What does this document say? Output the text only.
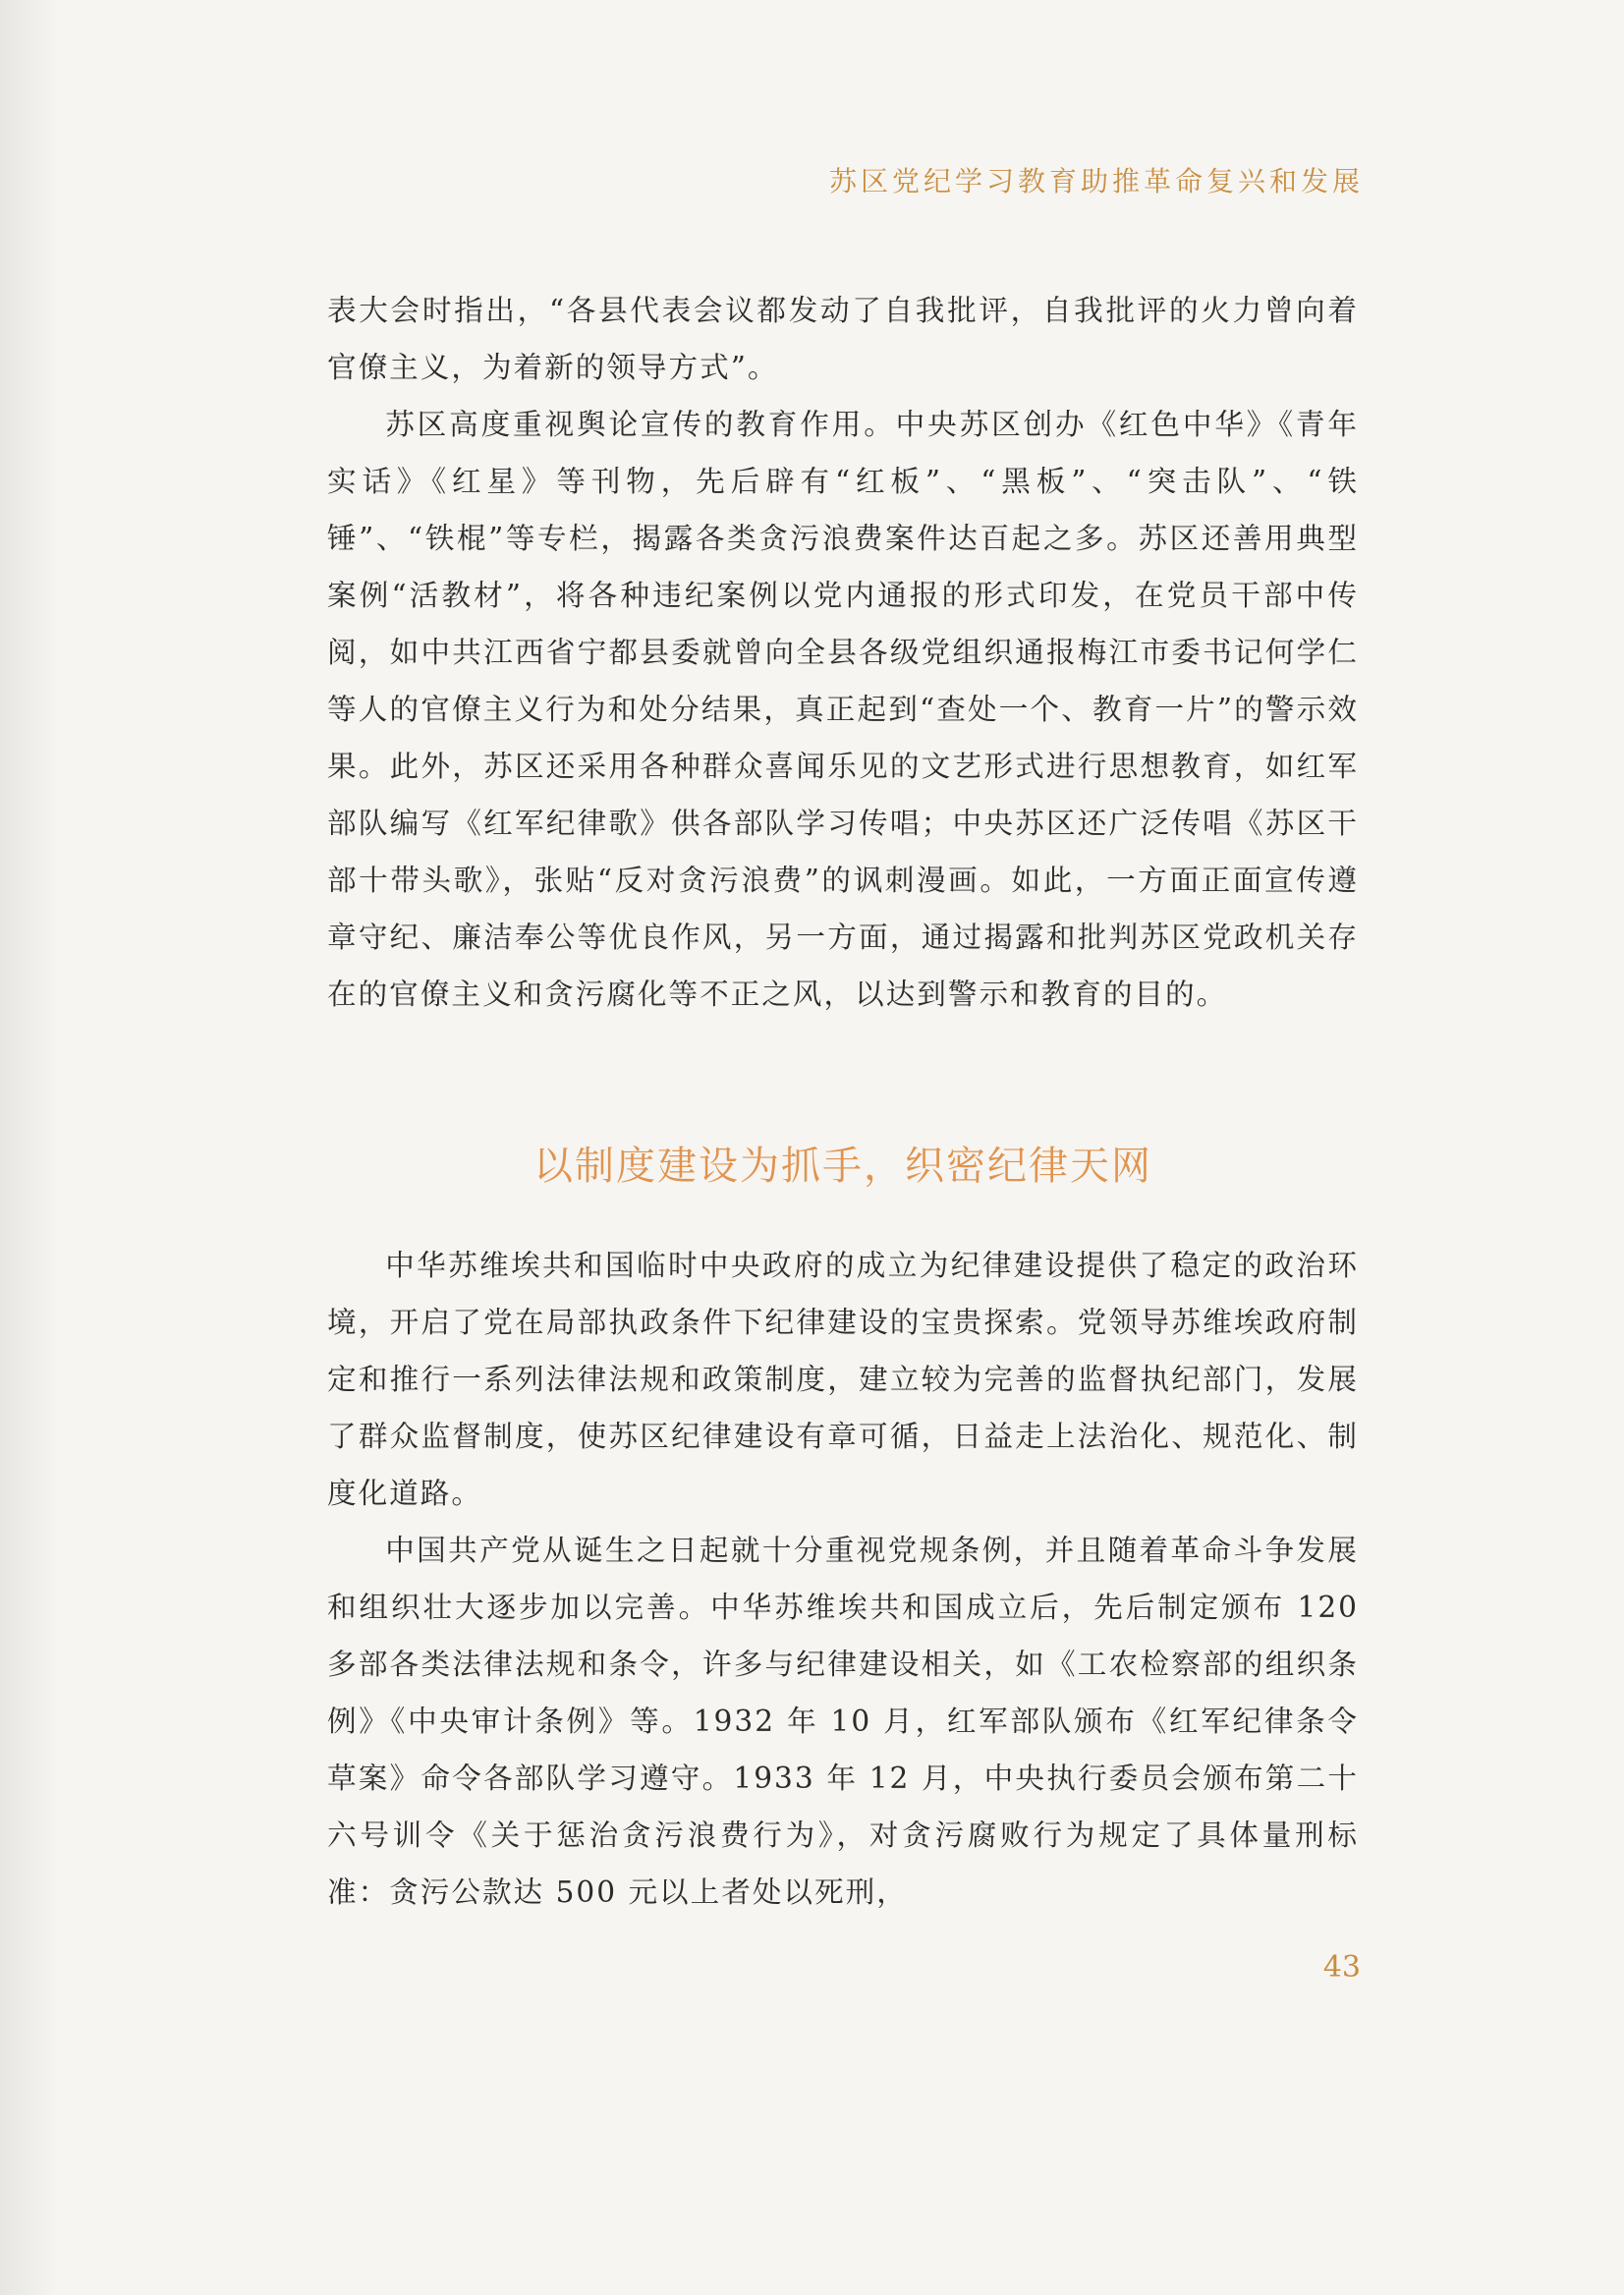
苏区党纪学习教育助推革命复兴和发展

表大会时指出，“各县代表会议都发动了自我批评，自我批评的火力曾向着官僚主义，为着新的领导方式”。

苏区高度重视舆论宣传的教育作用。中央苏区创办《红色中华》《青年实话》《红星》等刊物，先后辟有“红板”、“黑板”、“突击队”、“铁锤”、“铁棍”等专栏，揭露各类贪污浪费案件达百起之多。苏区还善用典型案例“活教材”，将各种违纪案例以党内通报的形式印发，在党员干部中传阅，如中共江西省宁都县委就曾向全县各级党组织通报梅江市委书记何学仁等人的官僚主义行为和处分结果，真正起到“查处一个、教育一片”的警示效果。此外，苏区还采用各种群众喜闻乐见的文艺形式进行思想教育，如红军部队编写《红军纪律歌》供各部队学习传唱；中央苏区还广泛传唱《苏区干部十带头歌》，张贴“反对贪污浪费”的讽刺漫画。如此，一方面正面宣传遵章守纪、廉洁奉公等优良作风，另一方面，通过揭露和批判苏区党政机关存在的官僚主义和贪污腐化等不正之风，以达到警示和教育的目的。

以制度建设为抓手，织密纪律天网

中华苏维埃共和国临时中央政府的成立为纪律建设提供了稳定的政治环境，开启了党在局部执政条件下纪律建设的宝贵探索。党领导苏维埃政府制定和推行一系列法律法规和政策制度，建立较为完善的监督执纪部门，发展了群众监督制度，使苏区纪律建设有章可循，日益走上法治化、规范化、制度化道路。

中国共产党从诞生之日起就十分重视党规条例，并且随着革命斗争发展和组织壮大逐步加以完善。中华苏维埃共和国成立后，先后制定颁布 120 多部各类法律法规和条令，许多与纪律建设相关，如《工农检察部的组织条例》《中央审计条例》等。1932 年 10 月，红军部队颁布《红军纪律条令草案》命令各部队学习遵守。1933 年 12 月，中央执行委员会颁布第二十六号训令《关于惩治贪污浪费行为》，对贪污腐败行为规定了具体量刑标准：贪污公款达 500 元以上者处以死刑，

43
